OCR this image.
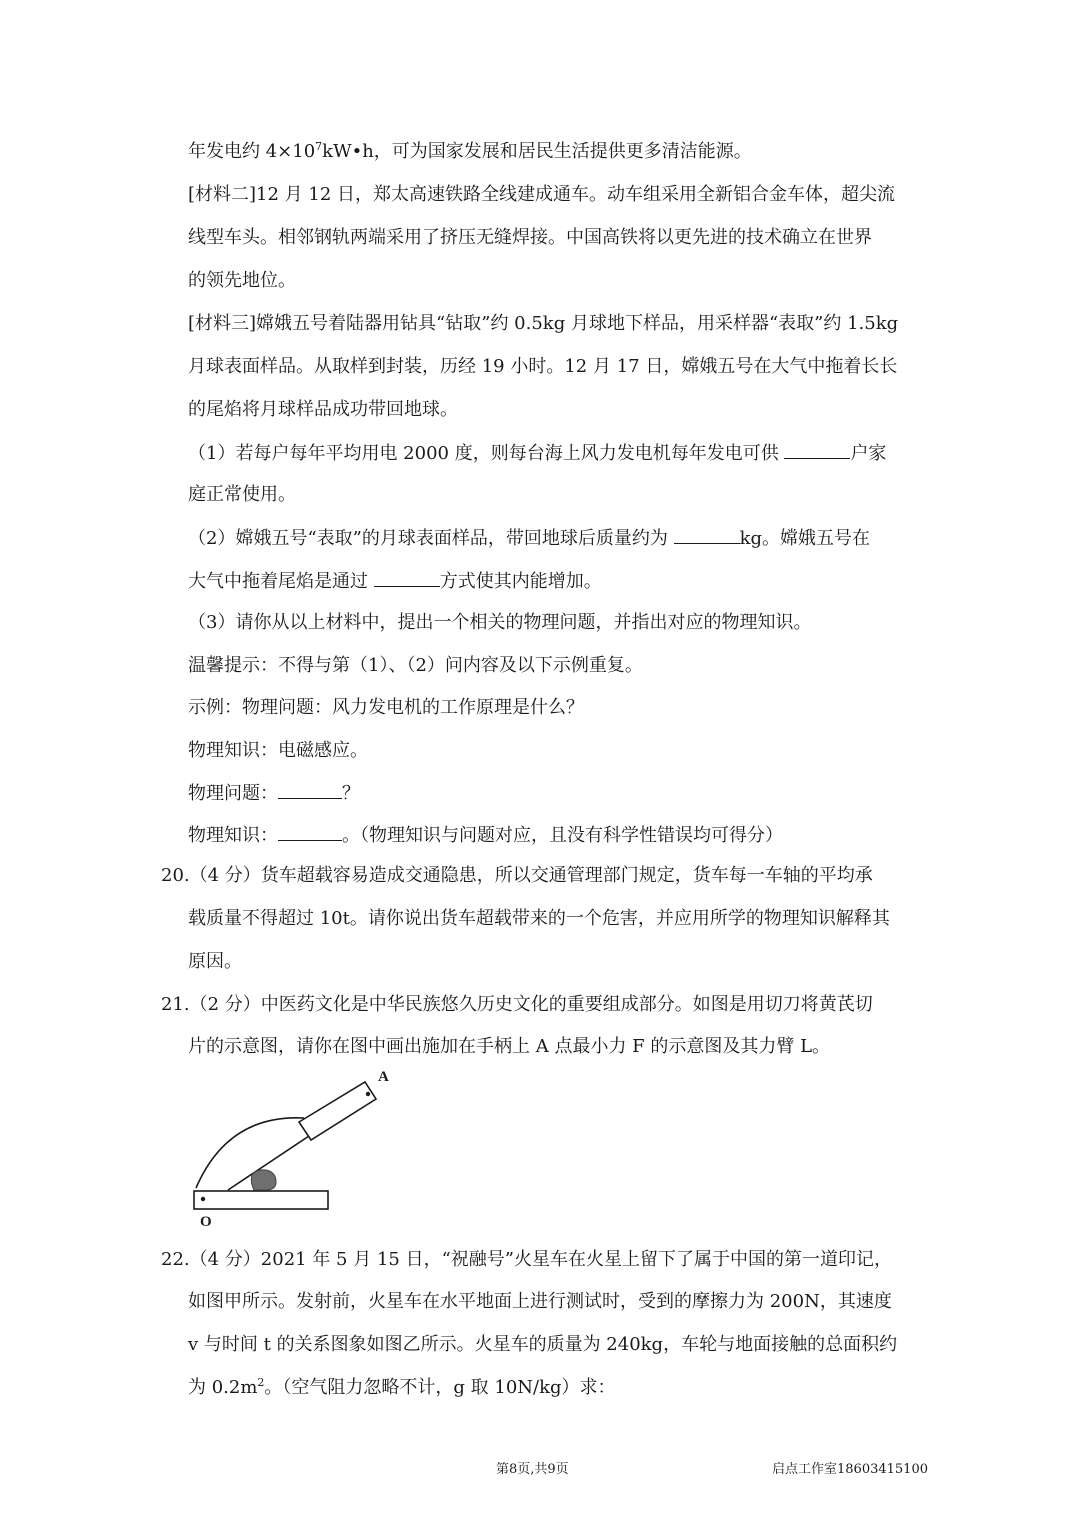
年发电约 $4\times 10^7kW•h$，可为国家发展和居民生活提供更多清洁能源。
[材料二]12 月 12 日，郑太高速铁路全线建成通车。动车组采用全新铝合金车体，超尖流
线型车头。相邻钢轨两端采用了挤压无缝焊接。中国高铁将以更先进的技术确立在世界
的领先地位。
[材料三]嫦娥五号着陆器用钻具“钻取”约 0.5kg 月球地下样品，用采样器“表取”约 1.5kg
月球表面样品。从取样到封装，历经 19 小时。12 月 17 日，嫦娥五号在大气中拖着长长
的尾焰将月球样品成功带回地球。
（1）若每户每年平均用电 2000 度，则每台海上风力发电机每年发电可供	户家
庭正常使用。
（2）嫦娥五号“表取”的月球表面样品，带回地球后质量约为	kg。嫦娥五号在
大气中拖着尾焰是通过	方式使其内能增加。
（3）请你从以上材料中，提出一个相关的物理问题，并指出对应的物理知识。
温馨提示：不得与第（1）、（2）问内容及以下示例重复。
示例：物理问题：风力发电机的工作原理是什么？
物理知识：电磁感应。
物理问题：	？
物理知识：	。（物理知识与问题对应，且没有科学性错误均可得分）
20.（4 分）货车超载容易造成交通隐患，所以交通管理部门规定，货车每一车轴的平均承
载质量不得超过 10t。请你说出货车超载带来的一个危害，并应用所学的物理知识解释其
原因。
21.（2 分）中医药文化是中华民族悠久历史文化的重要组成部分。如图是用切刀将黄芪切
片的示意图，请你在图中画出施加在手柄上 A 点最小力 F 的示意图及其力臂 L。
A
O
22.（4 分）2021 年 5 月 15 日，“祝融号”火星车在火星上留下了属于中国的第一道印记，
如图甲所示。发射前，火星车在水平地面上进行测试时，受到的摩擦力为 200N，其速度
v 与时间 t 的关系图象如图乙所示。火星车的质量为 240kg，车轮与地面接触的总面积约
为 $0.2m^2$。（空气阻力忽略不计，g 取 10N/kg）求：
第8页,共9页	启点工作室18603415100
